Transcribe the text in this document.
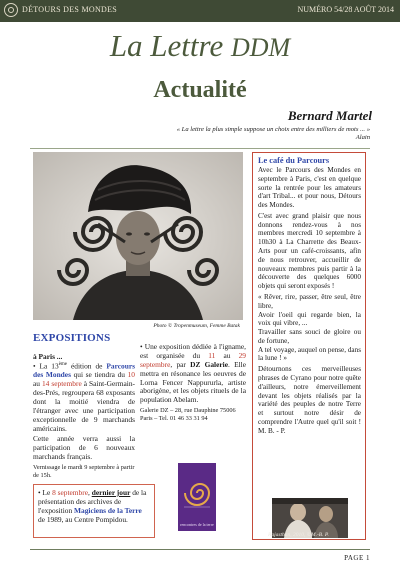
DÉTOURS DES MONDES	NUMÉRO 54/28 AOÛT 2014
La Lettre DDM
Actualité
Bernard Martel
« La lettre la plus simple suppose un choix entre des milliers de mots ... »
Alain
Photo © Tropenmuseum, Femme Batak
Le café du Parcours

Avec le Parcours des Mondes en septembre à Paris, c'est en quelque sorte la rentrée pour les amateurs d'art Tribal... et pour nous, Détours des Mondes.

C'est avec grand plaisir que nous donnons rendez-vous à nos membres mercredi 10 septembre à 10h30 à La Charrette des Beaux-Arts pour un café-croissants, afin de nous retrouver, accueillir de nouveaux membres puis partir à la découverte des quelques 6000 objets qui seront exposés !

« Rêver, rire, passer, être seul, être libre,

Avoir l'oeil qui regarde bien, la voix qui vibre, ...

Travailler sans souci de gloire ou de fortune,

A tel voyage, auquel on pense, dans la lune ! »

Détournons ces merveilleuses phrases de Cyrano pour notre quête d'ailleurs, notre émerveillement devant les objets réalisés par la variété des peuples de notre Terre et surtout notre désir de comprendre l'Autre quel qu'il soit ! M. B. - P.

Rajasthan, 2010, ©M.-B. P.
EXPOSITIONS
à Paris ...

• La 13ème édition de Parcours des Mondes qui se tiendra du 10 au 14 septembre à Saint-Germain-des-Prés, regroupera 68 exposants dont la moitié viendra de l'étranger avec une participation exceptionnelle de 9 marchands américains.

Cette année verra aussi la participation de 6 nouveaux marchands français.

Vernissage le mardi 9 septembre à partir de 15h.

• Une exposition dédiée à l'igname, est organisée du 11 au 29 septembre, par DZ Galerie. Elle mettra en résonance les oeuvres de Lorna Fencer Nappururla, artiste aborigène, et les objets rituels de la population Abelam.

Galerie DZ – 28, rue Dauphine 75006 Paris – Tel. 01 46 33 31 94
rencontres de la terre
• Le 8 septembre, dernier jour de la présentation des archives de l'exposition Magiciens de la Terre de 1989, au Centre Pompidou.
PAGE 1
